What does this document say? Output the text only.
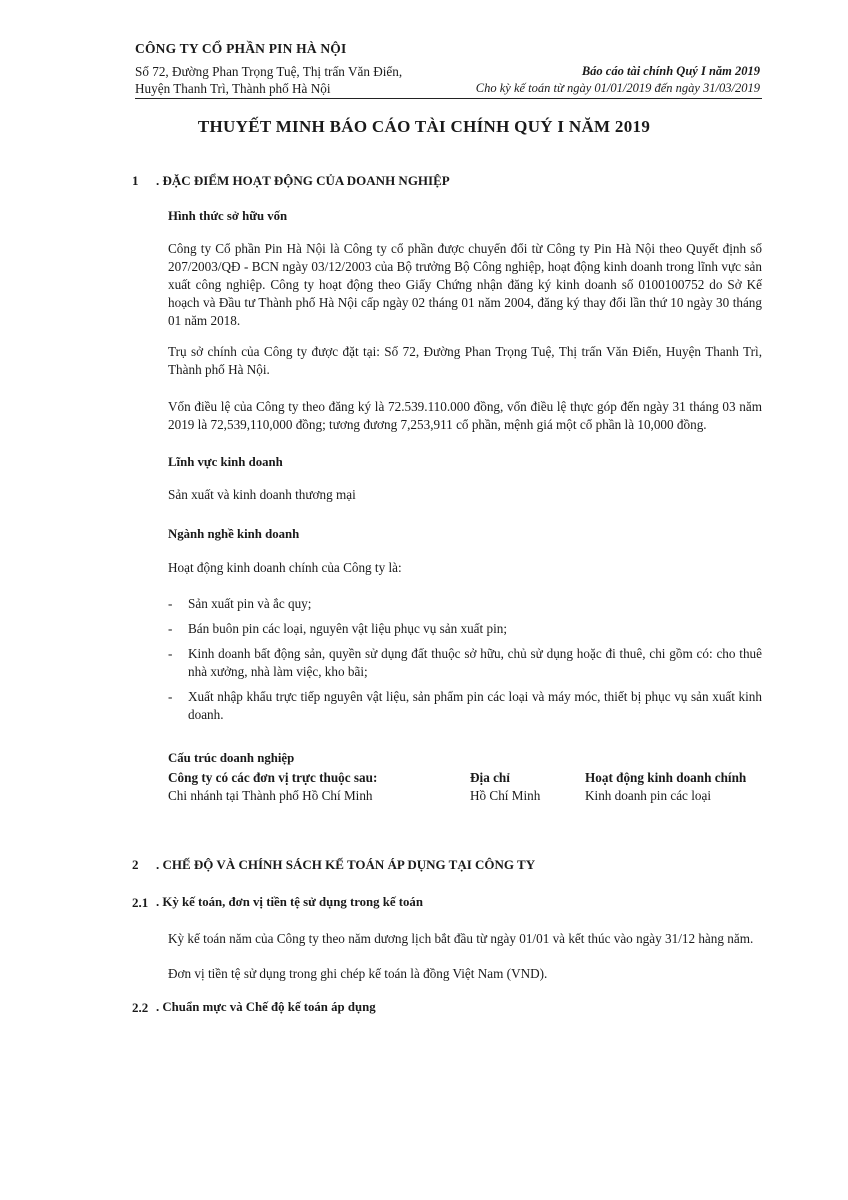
CÔNG TY CỔ PHẦN PIN HÀ NỘI
Số 72, Đường Phan Trọng Tuệ, Thị trấn Văn Điển,
Huyện Thanh Trì, Thành phố Hà Nội
Báo cáo tài chính Quý I năm 2019
Cho kỳ kế toán từ ngày 01/01/2019 đến ngày 31/03/2019
THUYẾT MINH BÁO CÁO TÀI CHÍNH QUÝ I NĂM 2019
1 . ĐẶC ĐIỂM HOẠT ĐỘNG CỦA DOANH NGHIỆP
Hình thức sở hữu vốn
Công ty Cổ phần Pin Hà Nội là Công ty cổ phần được chuyển đổi từ Công ty Pin Hà Nội theo Quyết định số 207/2003/QĐ - BCN ngày 03/12/2003 của Bộ trưởng Bộ Công nghiệp, hoạt động kinh doanh trong lĩnh vực sản xuất công nghiệp. Công ty hoạt động theo Giấy Chứng nhận đăng ký kinh doanh số 0100100752 do Sở Kế hoạch và Đầu tư Thành phố Hà Nội cấp ngày 02 tháng 01 năm 2004, đăng ký thay đổi lần thứ 10 ngày 30 tháng 01 năm 2018.
Trụ sở chính của Công ty được đặt tại: Số 72, Đường Phan Trọng Tuệ, Thị trấn Văn Điển, Huyện Thanh Trì, Thành phố Hà Nội.
Vốn điều lệ của Công ty theo đăng ký là 72.539.110.000 đồng, vốn điều lệ thực góp đến ngày 31 tháng 03 năm 2019 là 72,539,110,000 đồng; tương đương 7,253,911 cổ phần, mệnh giá một cổ phần là 10,000 đồng.
Lĩnh vực kinh doanh
Sản xuất và kinh doanh thương mại
Ngành nghề kinh doanh
Hoạt động kinh doanh chính của Công ty là:
- Sản xuất pin và ắc quy;
- Bán buôn pin các loại, nguyên vật liệu phục vụ sản xuất pin;
- Kinh doanh bất động sản, quyền sử dụng đất thuộc sở hữu, chủ sử dụng hoặc đi thuê, chi gồm có: cho thuê nhà xưởng, nhà làm việc, kho bãi;
- Xuất nhập khẩu trực tiếp nguyên vật liệu, sản phẩm pin các loại và máy móc, thiết bị phục vụ sản xuất kinh doanh.
Cấu trúc doanh nghiệp
Công ty có các đơn vị trực thuộc sau:	Địa chỉ	Hoạt động kinh doanh chính
Chi nhánh tại Thành phố Hồ Chí Minh	Hồ Chí Minh	Kinh doanh pin các loại
2 . CHẾ ĐỘ VÀ CHÍNH SÁCH KẾ TOÁN ÁP DỤNG TẠI CÔNG TY
2.1 . Kỳ kế toán, đơn vị tiền tệ sử dụng trong kế toán
Kỳ kế toán năm của Công ty theo năm dương lịch bắt đầu từ ngày 01/01 và kết thúc vào ngày 31/12 hàng năm.
Đơn vị tiền tệ sử dụng trong ghi chép kế toán là đồng Việt Nam (VND).
2.2 . Chuẩn mực và Chế độ kế toán áp dụng
